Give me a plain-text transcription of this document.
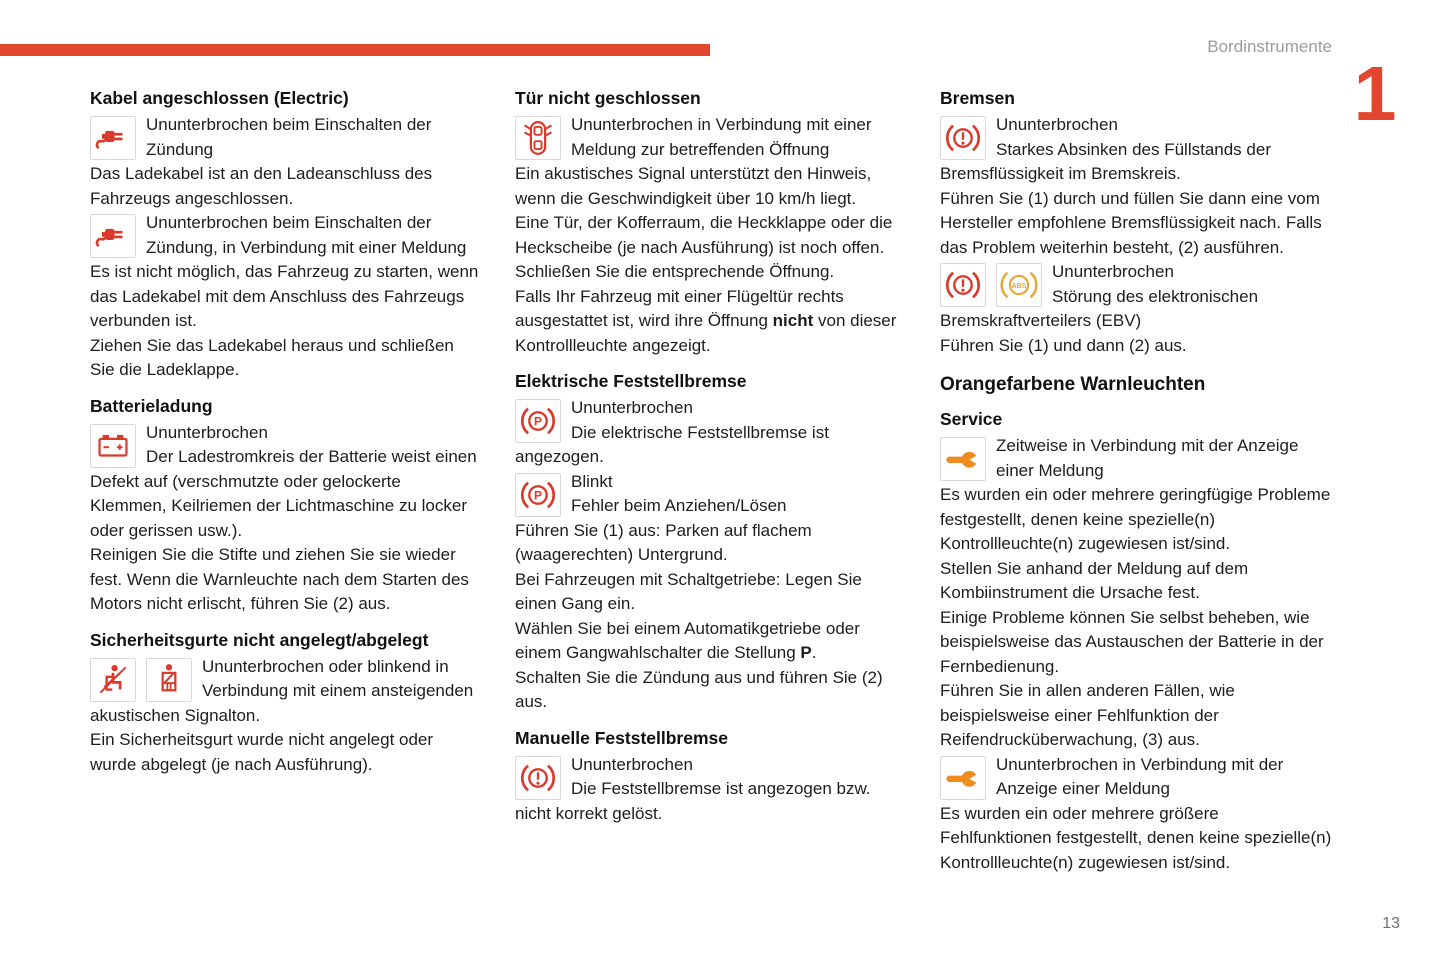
Bordinstrumente
1
13
Kabel angeschlossen (Electric)

Ununterbrochen beim Einschalten der Zündung

Das Ladekabel ist an den Ladeanschluss des Fahrzeugs angeschlossen.

Ununterbrochen beim Einschalten der Zündung, in Verbindung mit einer Meldung

Es ist nicht möglich, das Fahrzeug zu starten, wenn das Ladekabel mit dem Anschluss des Fahrzeugs verbunden ist.

Ziehen Sie das Ladekabel heraus und schließen Sie die Ladeklappe.

Batterieladung

Ununterbrochen
Der Ladestromkreis der Batterie weist einen Defekt auf (verschmutzte oder gelockerte Klemmen, Keilriemen der Lichtmaschine zu locker oder gerissen usw.).

Reinigen Sie die Stifte und ziehen Sie sie wieder fest. Wenn die Warnleuchte nach dem Starten des Motors nicht erlischt, führen Sie (2) aus.

Sicherheitsgurte nicht angelegt/abgelegt

Ununterbrochen oder blinkend in Verbindung mit einem ansteigenden akustischen Signalton.

Ein Sicherheitsgurt wurde nicht angelegt oder wurde abgelegt (je nach Ausführung).

Tür nicht geschlossen

Ununterbrochen in Verbindung mit einer Meldung zur betreffenden Öffnung

Ein akustisches Signal unterstützt den Hinweis, wenn die Geschwindigkeit über 10 km/h liegt.

Eine Tür, der Kofferraum, die Heckklappe oder die Heckscheibe (je nach Ausführung) ist noch offen.

Schließen Sie die entsprechende Öffnung.

Falls Ihr Fahrzeug mit einer Flügeltür rechts ausgestattet ist, wird ihre Öffnung nicht von dieser Kontrollleuchte angezeigt.

Elektrische Feststellbremse

Ununterbrochen
Die elektrische Feststellbremse ist angezogen.

Blinkt
Fehler beim Anziehen/Lösen

Führen Sie (1) aus: Parken auf flachem (waagerechten) Untergrund.

Bei Fahrzeugen mit Schaltgetriebe: Legen Sie einen Gang ein.

Wählen Sie bei einem Automatikgetriebe oder einem Gangwahlschalter die Stellung P.

Schalten Sie die Zündung aus und führen Sie (2) aus.

Manuelle Feststellbremse

Ununterbrochen
Die Feststellbremse ist angezogen bzw. nicht korrekt gelöst.

Bremsen

Ununterbrochen
Starkes Absinken des Füllstands der Bremsflüssigkeit im Bremskreis.

Führen Sie (1) durch und füllen Sie dann eine vom Hersteller empfohlene Bremsflüssigkeit nach. Falls das Problem weiterhin besteht, (2) ausführen.

Ununterbrochen
Störung des elektronischen Bremskraftverteilers (EBV)

Führen Sie (1) und dann (2) aus.

Orangefarbene Warnleuchten
Service

Zeitweise in Verbindung mit der Anzeige einer Meldung

Es wurden ein oder mehrere geringfügige Probleme festgestellt, denen keine spezielle(n) Kontrollleuchte(n) zugewiesen ist/sind.

Stellen Sie anhand der Meldung auf dem Kombiinstrument die Ursache fest.

Einige Probleme können Sie selbst beheben, wie beispielsweise das Austauschen der Batterie in der Fernbedienung.

Führen Sie in allen anderen Fällen, wie beispielsweise einer Fehlfunktion der Reifendrucküberwachung, (3) aus.

Ununterbrochen in Verbindung mit der Anzeige einer Meldung

Es wurden ein oder mehrere größere Fehlfunktionen festgestellt, denen keine spezielle(n) Kontrollleuchte(n) zugewiesen ist/sind.
